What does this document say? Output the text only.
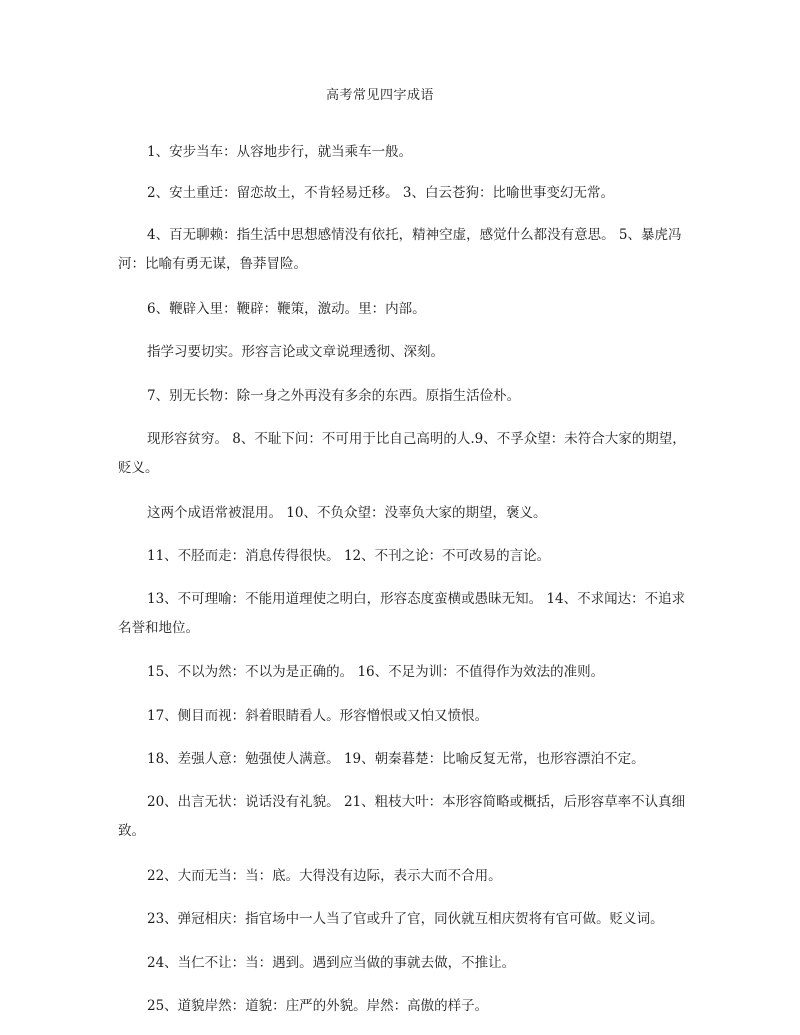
高考常见四字成语

1、安步当车：从容地步行，就当乘车一般。

2、安土重迁：留恋故土，不肯轻易迁移。 3、白云苍狗：比喻世事变幻无常。

4、百无聊赖：指生活中思想感情没有依托，精神空虚，感觉什么都没有意思。 5、暴虎冯河：比喻有勇无谋，鲁莽冒险。

6、鞭辟入里：鞭辟：鞭策，激动。里：内部。

指学习要切实。形容言论或文章说理透彻、深刻。

7、别无长物：除一身之外再没有多余的东西。原指生活俭朴。

现形容贫穷。 8、不耻下问：不可用于比自己高明的人.9、不孚众望：未符合大家的期望，贬义。

这两个成语常被混用。 10、不负众望：没辜负大家的期望，褒义。

11、不胫而走：消息传得很快。 12、不刊之论：不可改易的言论。

13、不可理喻：不能用道理使之明白，形容态度蛮横或愚昧无知。 14、不求闻达：不追求名誉和地位。

15、不以为然：不以为是正确的。 16、不足为训：不值得作为效法的准则。

17、侧目而视：斜着眼睛看人。形容憎恨或又怕又愤恨。

18、差强人意：勉强使人满意。 19、朝秦暮楚：比喻反复无常，也形容漂泊不定。

20、出言无状：说话没有礼貌。 21、粗枝大叶：本形容简略或概括，后形容草率不认真细致。

22、大而无当：当：底。大得没有边际，表示大而不合用。

23、弹冠相庆：指官场中一人当了官或升了官，同伙就互相庆贺将有官可做。贬义词。

24、当仁不让：当：遇到。遇到应当做的事就去做，不推让。

25、道貌岸然：道貌：庄严的外貌。岸然：高傲的样子。
